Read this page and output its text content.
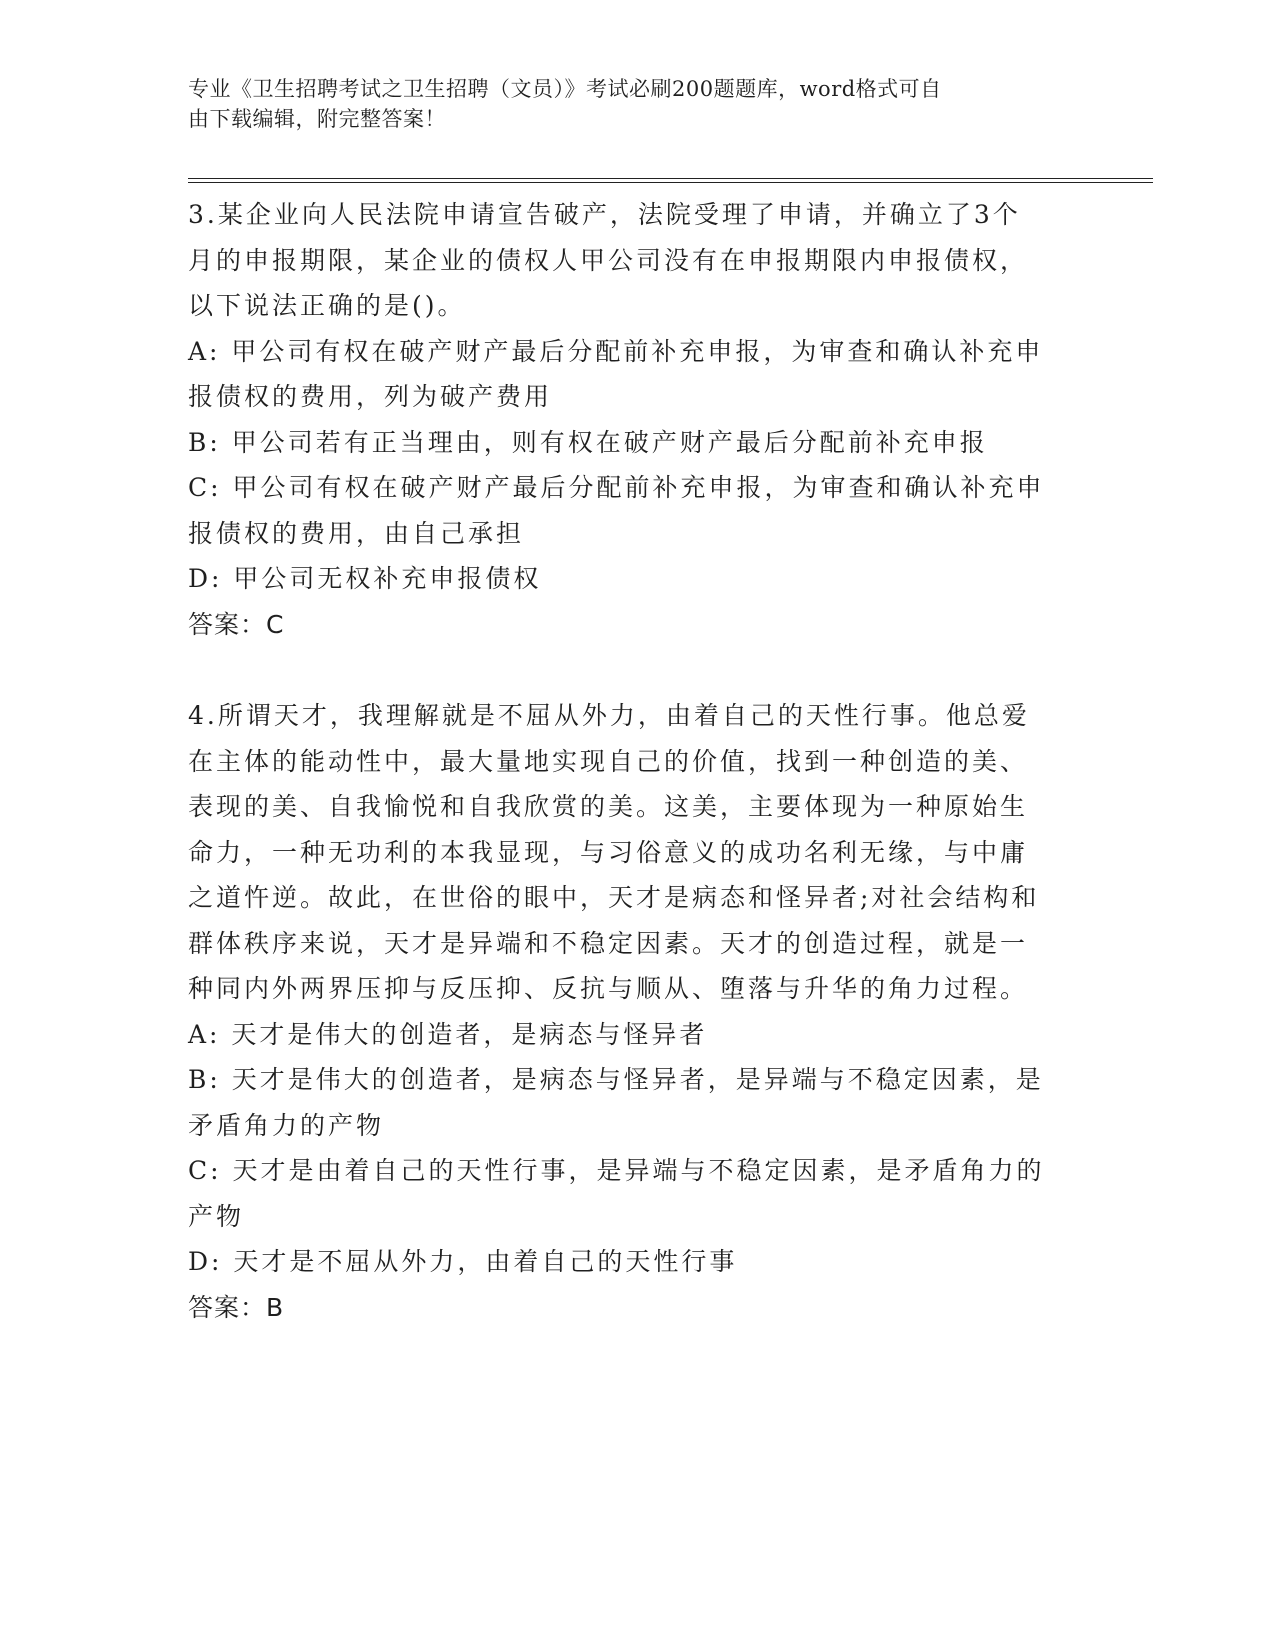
专业《卫生招聘考试之卫生招聘（文员）》考试必刷200题题库，word格式可自
由下载编辑，附完整答案！

3.某企业向人民法院申请宣告破产，法院受理了申请，并确立了3个

月的申报期限，某企业的债权人甲公司没有在申报期限内申报债权，

以下说法正确的是()。

A: 甲公司有权在破产财产最后分配前补充申报，为审查和确认补充申

报债权的费用，列为破产费用

B: 甲公司若有正当理由，则有权在破产财产最后分配前补充申报

C: 甲公司有权在破产财产最后分配前补充申报，为审查和确认补充申

报债权的费用，由自己承担

D: 甲公司无权补充申报债权

答案：C

4.所谓天才，我理解就是不屈从外力，由着自己的天性行事。他总爱

在主体的能动性中，最大量地实现自己的价值，找到一种创造的美、

表现的美、自我愉悦和自我欣赏的美。这美，主要体现为一种原始生

命力，一种无功利的本我显现，与习俗意义的成功名利无缘，与中庸

之道忤逆。故此，在世俗的眼中，天才是病态和怪异者;对社会结构和

群体秩序来说，天才是异端和不稳定因素。天才的创造过程，就是一

种同内外两界压抑与反压抑、反抗与顺从、堕落与升华的角力过程。

A: 天才是伟大的创造者，是病态与怪异者

B: 天才是伟大的创造者，是病态与怪异者，是异端与不稳定因素，是

矛盾角力的产物

C: 天才是由着自己的天性行事，是异端与不稳定因素，是矛盾角力的

产物

D: 天才是不屈从外力，由着自己的天性行事

答案：B
